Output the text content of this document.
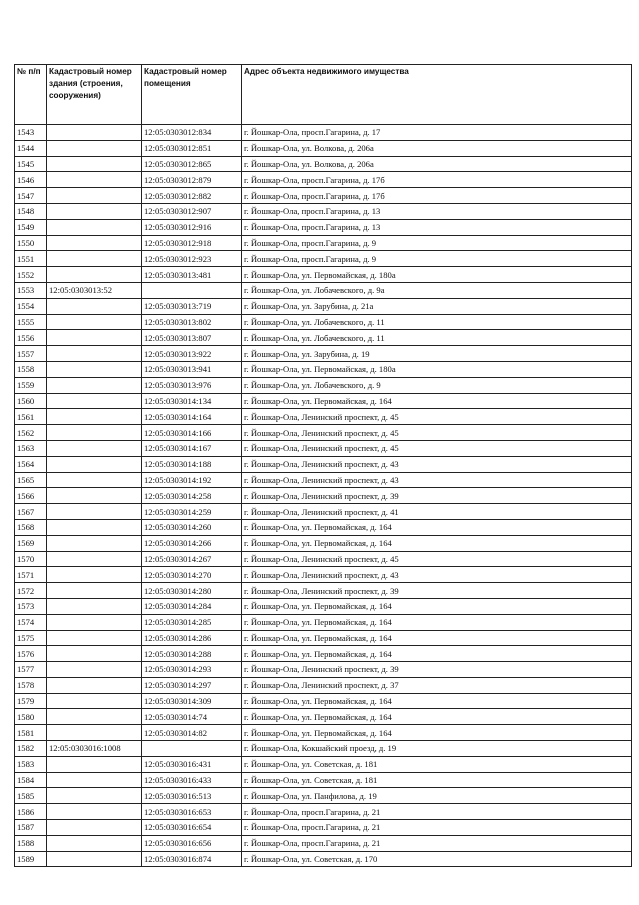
№ п/п	Кадастровый номер здания (строения, сооружения)	Кадастровый номер помещения	Адрес объекта недвижимого имущества
1543		12:05:0303012:834	г. Йошкар-Ола, просп.Гагарина, д. 17
1544		12:05:0303012:851	г. Йошкар-Ола, ул. Волкова, д. 206а
1545		12:05:0303012:865	г. Йошкар-Ола, ул. Волкова, д. 206а
1546		12:05:0303012:879	г. Йошкар-Ола, просп.Гагарина, д. 17б
1547		12:05:0303012:882	г. Йошкар-Ола, просп.Гагарина, д. 17б
1548		12:05:0303012:907	г. Йошкар-Ола, просп.Гагарина, д. 13
1549		12:05:0303012:916	г. Йошкар-Ола, просп.Гагарина, д. 13
1550		12:05:0303012:918	г. Йошкар-Ола, просп.Гагарина, д. 9
1551		12:05:0303012:923	г. Йошкар-Ола, просп.Гагарина, д. 9
1552		12:05:0303013:481	г. Йошкар-Ола, ул. Первомайская, д. 180а
1553	12:05:0303013:52		г. Йошкар-Ола, ул. Лобачевского, д. 9а
1554		12:05:0303013:719	г. Йошкар-Ола, ул. Зарубина, д. 21а
1555		12:05:0303013:802	г. Йошкар-Ола, ул. Лобачевского, д. 11
1556		12:05:0303013:807	г. Йошкар-Ола, ул. Лобачевского, д. 11
1557		12:05:0303013:922	г. Йошкар-Ола, ул. Зарубина, д. 19
1558		12:05:0303013:941	г. Йошкар-Ола, ул. Первомайская, д. 180а
1559		12:05:0303013:976	г. Йошкар-Ола, ул. Лобачевского, д. 9
1560		12:05:0303014:134	г. Йошкар-Ола, ул. Первомайская, д. 164
1561		12:05:0303014:164	г. Йошкар-Ола, Ленинский проспект, д. 45
1562		12:05:0303014:166	г. Йошкар-Ола, Ленинский проспект, д. 45
1563		12:05:0303014:167	г. Йошкар-Ола, Ленинский проспект, д. 45
1564		12:05:0303014:188	г. Йошкар-Ола, Ленинский проспект, д. 43
1565		12:05:0303014:192	г. Йошкар-Ола, Ленинский проспект, д. 43
1566		12:05:0303014:258	г. Йошкар-Ола, Ленинский проспект, д. 39
1567		12:05:0303014:259	г. Йошкар-Ола, Ленинский проспект, д. 41
1568		12:05:0303014:260	г. Йошкар-Ола, ул. Первомайская, д. 164
1569		12:05:0303014:266	г. Йошкар-Ола, ул. Первомайская, д. 164
1570		12:05:0303014:267	г. Йошкар-Ола, Ленинский проспект, д. 45
1571		12:05:0303014:270	г. Йошкар-Ола, Ленинский проспект, д. 43
1572		12:05:0303014:280	г. Йошкар-Ола, Ленинский проспект, д. 39
1573		12:05:0303014:284	г. Йошкар-Ола, ул. Первомайская, д. 164
1574		12:05:0303014:285	г. Йошкар-Ола, ул. Первомайская, д. 164
1575		12:05:0303014:286	г. Йошкар-Ола, ул. Первомайская, д. 164
1576		12:05:0303014:288	г. Йошкар-Ола, ул. Первомайская, д. 164
1577		12:05:0303014:293	г. Йошкар-Ола, Ленинский проспект, д. 39
1578		12:05:0303014:297	г. Йошкар-Ола, Ленинский проспект, д. 37
1579		12:05:0303014:309	г. Йошкар-Ола, ул. Первомайская, д. 164
1580		12:05:0303014:74	г. Йошкар-Ола, ул. Первомайская, д. 164
1581		12:05:0303014:82	г. Йошкар-Ола, ул. Первомайская, д. 164
1582	12:05:0303016:1008		г. Йошкар-Ола, Кокшайский проезд, д. 19
1583		12:05:0303016:431	г. Йошкар-Ола, ул. Советская, д. 181
1584		12:05:0303016:433	г. Йошкар-Ола, ул. Советская, д. 181
1585		12:05:0303016:513	г. Йошкар-Ола, ул. Панфилова, д. 19
1586		12:05:0303016:653	г. Йошкар-Ола, просп.Гагарина, д. 21
1587		12:05:0303016:654	г. Йошкар-Ола, просп.Гагарина, д. 21
1588		12:05:0303016:656	г. Йошкар-Ола, просп.Гагарина, д. 21
1589		12:05:0303016:874	г. Йошкар-Ола, ул. Советская, д. 170
